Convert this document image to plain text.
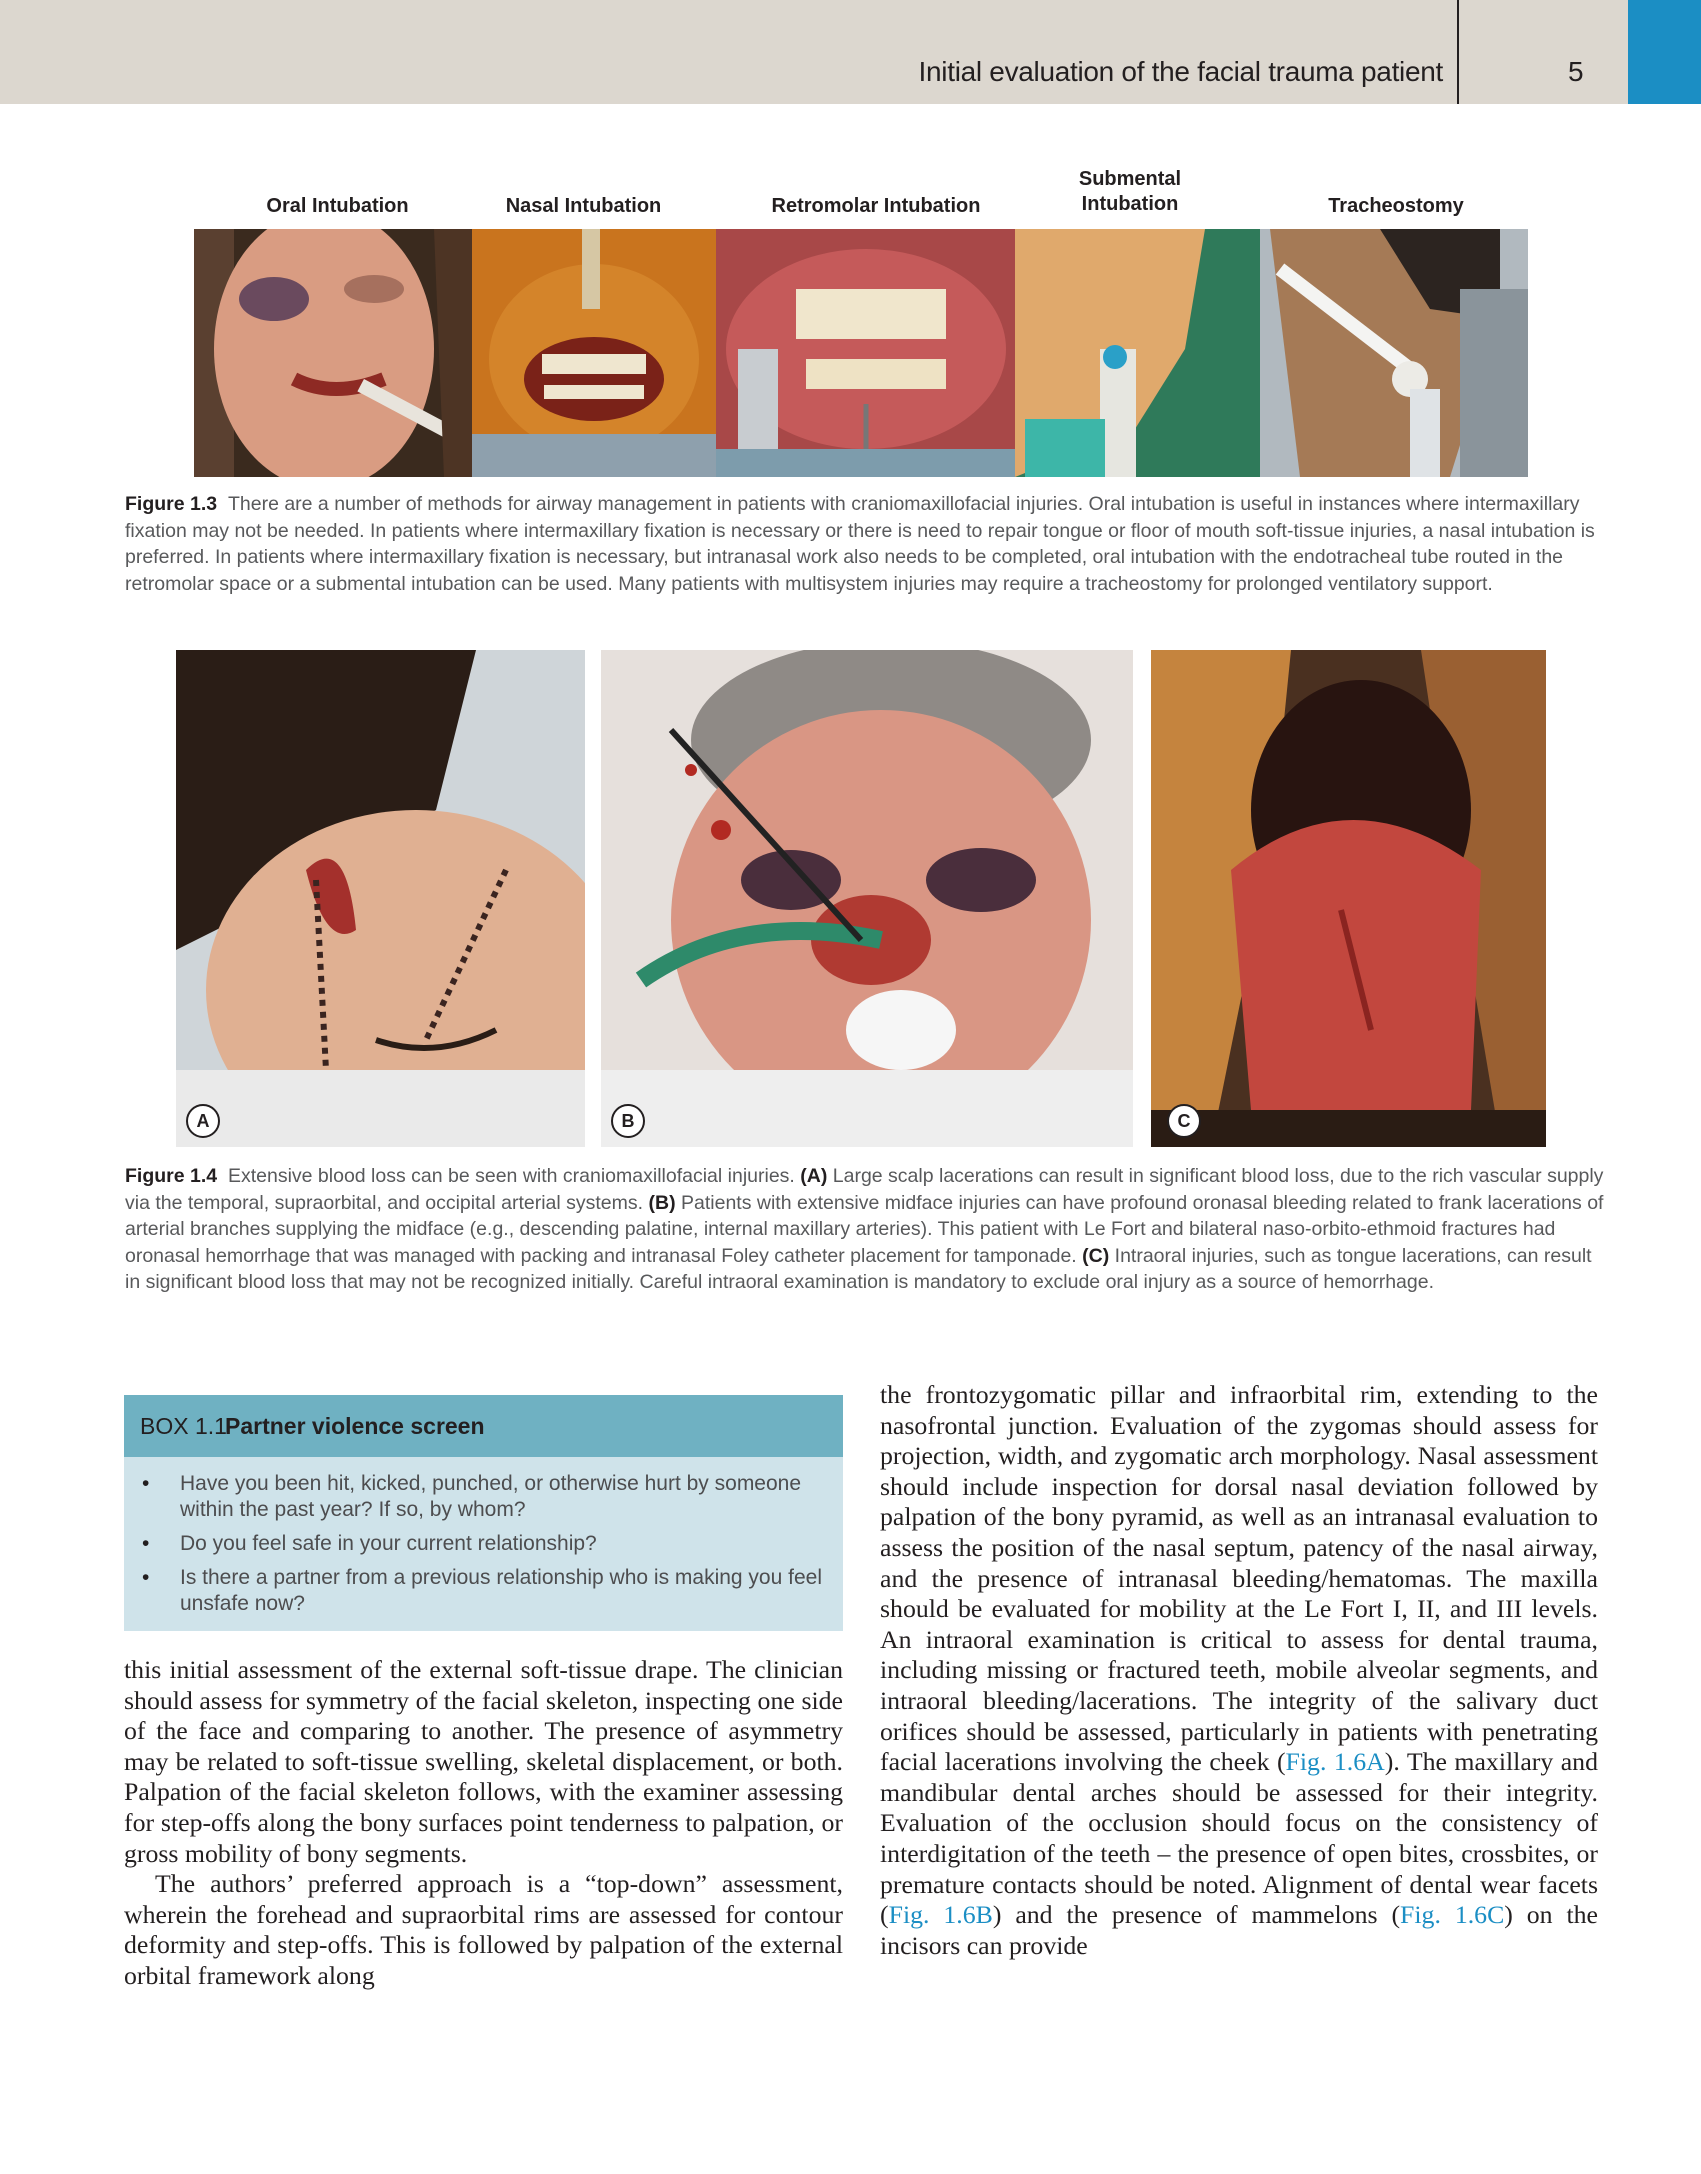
Initial evaluation of the facial trauma patient	5
Oral Intubation	Nasal Intubation	Retromolar Intubation
Submental
Intubation	Tracheostomy
Figure 1.3 There are a number of methods for airway management in patients with craniomaxillofacial injuries. Oral intubation is useful in instances where intermaxillary fixation may not be needed. In patients where intermaxillary fixation is necessary or there is need to repair tongue or floor of mouth soft-tissue injuries, a nasal intubation is preferred. In patients where intermaxillary fixation is necessary, but intranasal work also needs to be completed, oral intubation with the endotracheal tube routed in the retromolar space or a submental intubation can be used. Many patients with multisystem injuries may require a tracheostomy for prolonged ventilatory support.
A	B	C
Figure 1.4 Extensive blood loss can be seen with craniomaxillofacial injuries. (A) Large scalp lacerations can result in significant blood loss, due to the rich vascular supply via the temporal, supraorbital, and occipital arterial systems. (B) Patients with extensive midface injuries can have profound oronasal bleeding related to frank lacerations of arterial branches supplying the midface (e.g., descending palatine, internal maxillary arteries). This patient with Le Fort and bilateral naso-orbito-ethmoid fractures had oronasal hemorrhage that was managed with packing and intranasal Foley catheter placement for tamponade. (C) Intraoral injuries, such as tongue lacerations, can result in significant blood loss that may not be recognized initially. Careful intraoral examination is mandatory to exclude oral injury as a source of hemorrhage.
BOX 1.1
Partner violence screen
• Have you been hit, kicked, punched, or otherwise hurt by someone within the past year? If so, by whom?
• Do you feel safe in your current relationship?
• Is there a partner from a previous relationship who is making you feel unsfafe now?

this initial assessment of the external soft-tissue drape. The clinician should assess for symmetry of the facial skeleton, inspecting one side of the face and comparing to another. The presence of asymmetry may be related to soft-tissue swelling, skeletal displacement, or both. Palpation of the facial skeleton follows, with the examiner assessing for step-offs along the bony surfaces point tenderness to palpation, or gross mobility of bony segments.

The authors’ preferred approach is a “top-down” assessment, wherein the forehead and supraorbital rims are assessed for contour deformity and step-offs. This is followed by palpation of the external orbital framework along

the frontozygomatic pillar and infraorbital rim, extending to the nasofrontal junction. Evaluation of the zygomas should assess for projection, width, and zygomatic arch morphology. Nasal assessment should include inspection for dorsal nasal deviation followed by palpation of the bony pyramid, as well as an intranasal evaluation to assess the position of the nasal septum, patency of the nasal airway, and the presence of intranasal bleeding/hematomas. The maxilla should be evaluated for mobility at the Le Fort I, II, and III levels. An intraoral examination is critical to assess for dental trauma, including missing or fractured teeth, mobile alveolar segments, and intraoral bleeding/lacerations. The integrity of the salivary duct orifices should be assessed, particularly in patients with penetrating facial lacerations involving the cheek (Fig. 1.6A). The maxillary and mandibular dental arches should be assessed for their integrity. Evaluation of the occlusion should focus on the consistency of interdigitation of the teeth – the presence of open bites, crossbites, or premature contacts should be noted. Alignment of dental wear facets (Fig. 1.6B) and the presence of mammelons (Fig. 1.6C) on the incisors can provide
